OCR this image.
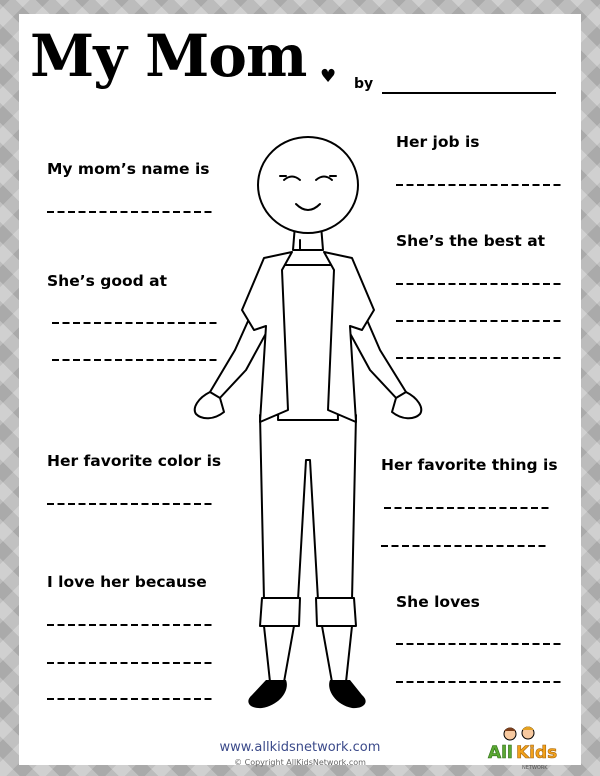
My Mom ♥ by
My mom’s name is
She’s good at
Her favorite color is
I love her because
Her job is
She’s the best at
Her favorite thing is
She loves
www.allkidsnetwork.com
© Copyright AllKidsNetwork.com	All Kids
NETWORK
